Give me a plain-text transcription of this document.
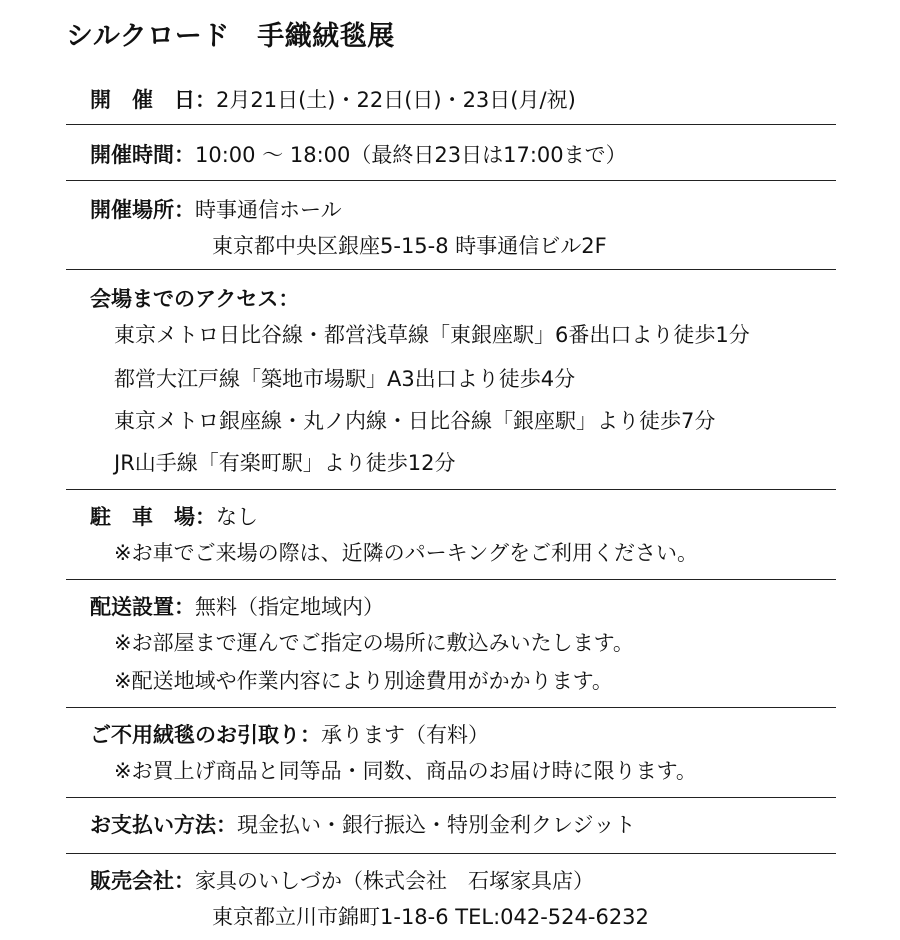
シルクロード　手織絨毯展
開　催　日：2月21日(土)・22日(日)・23日(月/祝)
開催時間：10:00 ～ 18:00（最終日23日は17:00まで）
開催場所：時事通信ホール
東京都中央区銀座5-15-8 時事通信ビル2F
会場までのアクセス：
東京メトロ日比谷線・都営浅草線「東銀座駅」6番出口より徒歩1分
都営大江戸線「築地市場駅」A3出口より徒歩4分
東京メトロ銀座線・丸ノ内線・日比谷線「銀座駅」より徒歩7分
JR山手線「有楽町駅」より徒歩12分
駐　車　場：なし
※お車でご来場の際は、近隣のパーキングをご利用ください。
配送設置：無料（指定地域内）
※お部屋まで運んでご指定の場所に敷込みいたします。
※配送地域や作業内容により別途費用がかかります。
ご不用絨毯のお引取り：承ります（有料）
※お買上げ商品と同等品・同数、商品のお届け時に限ります。
お支払い方法：現金払い・銀行振込・特別金利クレジット
販売会社：家具のいしづか（株式会社　石塚家具店）
東京都立川市錦町1-18-6 TEL:042-524-6232
